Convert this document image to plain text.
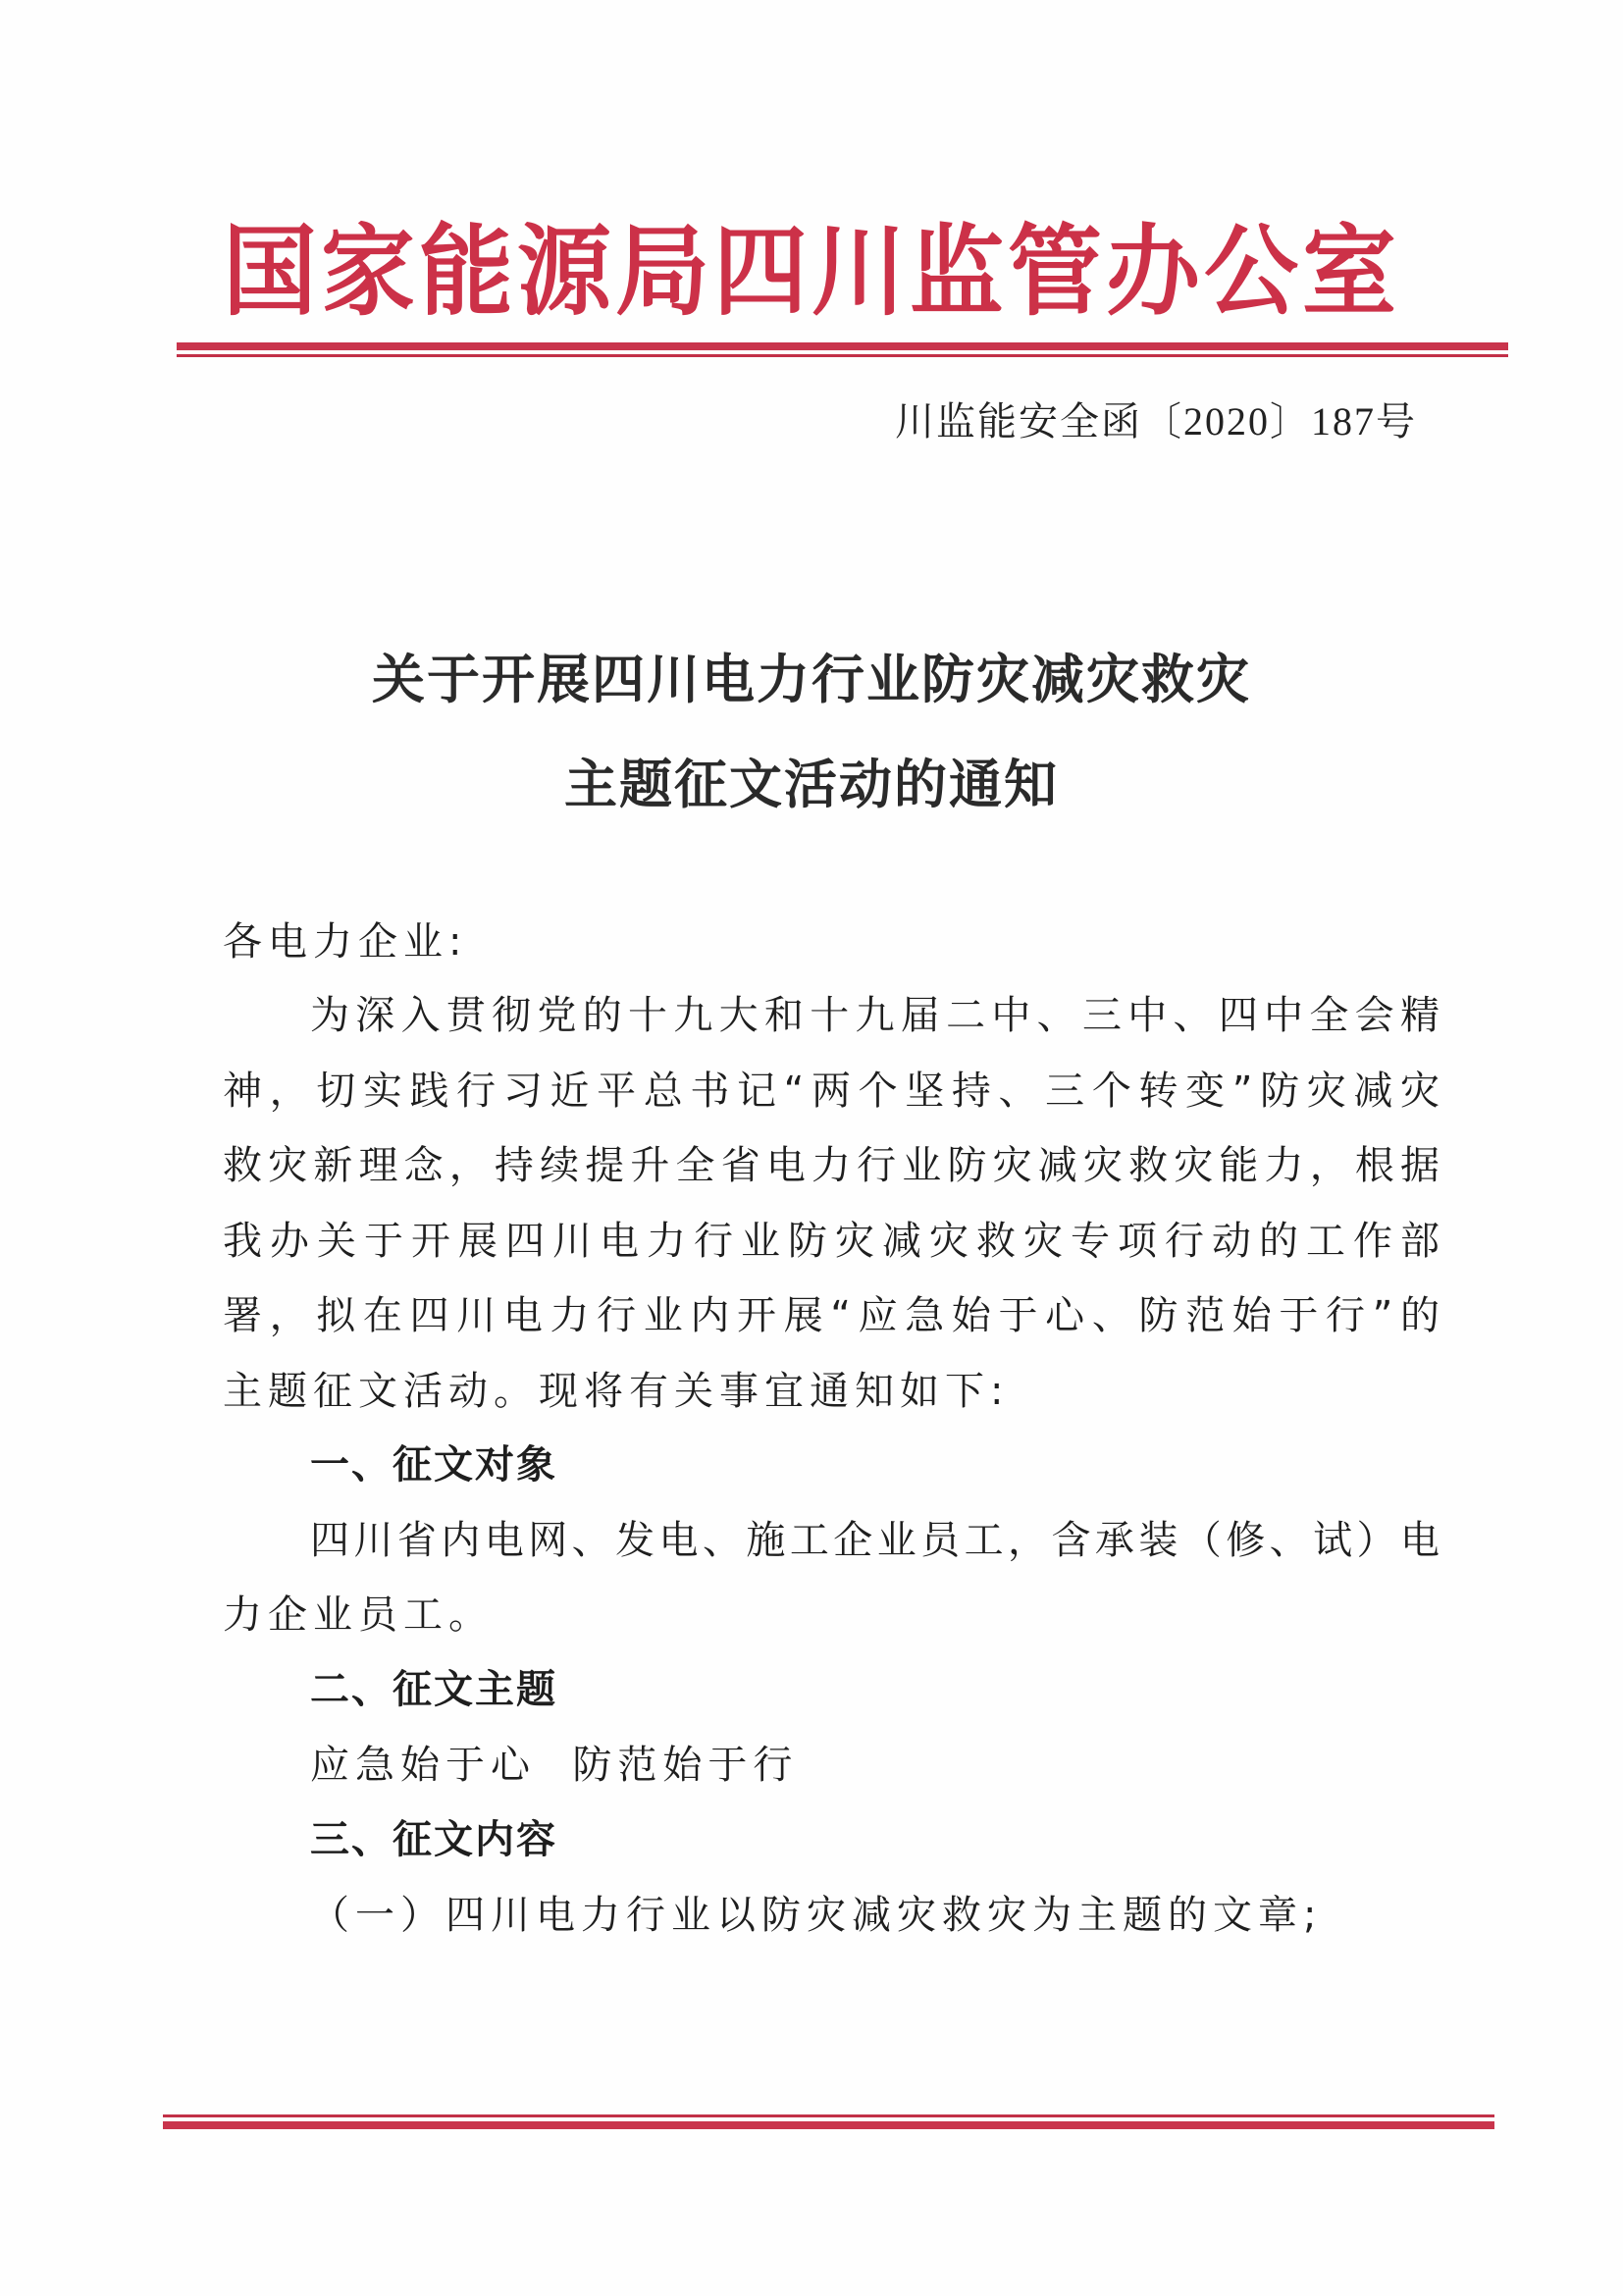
国家能源局四川监管办公室
川监能安全函〔2020〕187号
关于开展四川电力行业防灾减灾救灾
主题征文活动的通知
各电力企业:
为深入贯彻党的十九大和十九届二中、三中、四中全会精
神，切实践行习近平总书记“两个坚持、三个转变”防灾减灾
救灾新理念，持续提升全省电力行业防灾减灾救灾能力，根据
我办关于开展四川电力行业防灾减灾救灾专项行动的工作部
署，拟在四川电力行业内开展“应急始于心、防范始于行”的
主题征文活动。现将有关事宜通知如下:
一、征文对象
四川省内电网、发电、施工企业员工，含承装（修、试）电
力企业员工。
二、征文主题
应急始于心  防范始于行
三、征文内容
（一）四川电力行业以防灾减灾救灾为主题的文章;
